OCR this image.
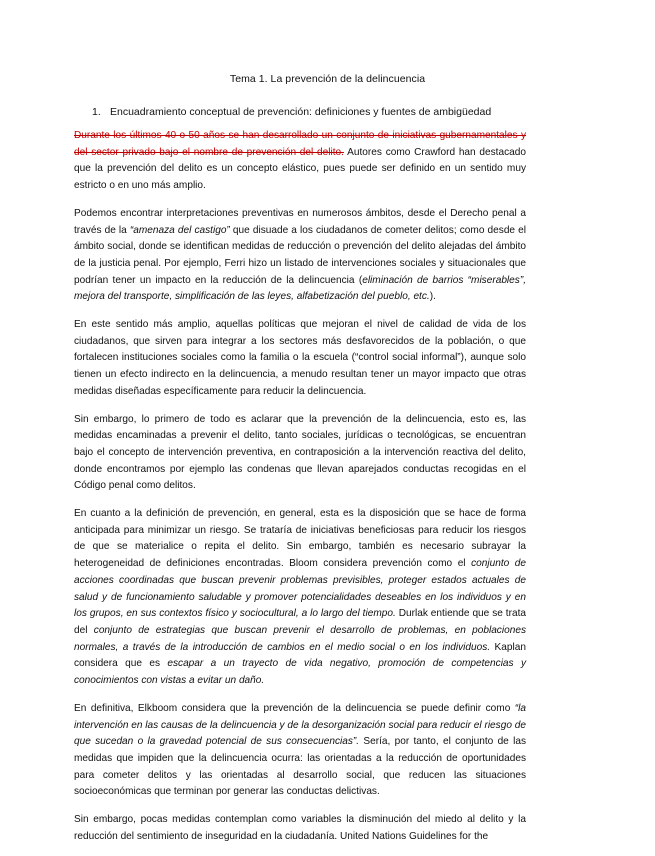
Tema 1. La prevención de la delincuencia
1. Encuadramiento conceptual de prevención: definiciones y fuentes de ambigüedad

Durante los últimos 40 o 50 años se han desarrollado un conjunto de iniciativas gubernamentales y del sector privado bajo el nombre de prevención del delito. Autores como Crawford han destacado que la prevención del delito es un concepto elástico, pues puede ser definido en un sentido muy estricto o en uno más amplio.

Podemos encontrar interpretaciones preventivas en numerosos ámbitos, desde el Derecho penal a través de la “amenaza del castigo” que disuade a los ciudadanos de cometer delitos; como desde el ámbito social, donde se identifican medidas de reducción o prevención del delito alejadas del ámbito de la justicia penal. Por ejemplo, Ferri hizo un listado de intervenciones sociales y situacionales que podrían tener un impacto en la reducción de la delincuencia (eliminación de barrios “miserables”, mejora del transporte, simplificación de las leyes, alfabetización del pueblo, etc.).

En este sentido más amplio, aquellas políticas que mejoran el nivel de calidad de vida de los ciudadanos, que sirven para integrar a los sectores más desfavorecidos de la población, o que fortalecen instituciones sociales como la familia o la escuela (“control social informal”), aunque solo tienen un efecto indirecto en la delincuencia, a menudo resultan tener un mayor impacto que otras medidas diseñadas específicamente para reducir la delincuencia.

Sin embargo, lo primero de todo es aclarar que la prevención de la delincuencia, esto es, las medidas encaminadas a prevenir el delito, tanto sociales, jurídicas o tecnológicas, se encuentran bajo el concepto de intervención preventiva, en contraposición a la intervención reactiva del delito, donde encontramos por ejemplo las condenas que llevan aparejados conductas recogidas en el Código penal como delitos.

En cuanto a la definición de prevención, en general, esta es la disposición que se hace de forma anticipada para minimizar un riesgo. Se trataría de iniciativas beneficiosas para reducir los riesgos de que se materialice o repita el delito. Sin embargo, también es necesario subrayar la heterogeneidad de definiciones encontradas. Bloom considera prevención como el conjunto de acciones coordinadas que buscan prevenir problemas previsibles, proteger estados actuales de salud y de funcionamiento saludable y promover potencialidades deseables en los individuos y en los grupos, en sus contextos físico y sociocultural, a lo largo del tiempo. Durlak entiende que se trata del conjunto de estrategias que buscan prevenir el desarrollo de problemas, en poblaciones normales, a través de la introducción de cambios en el medio social o en los individuos. Kaplan considera que es escapar a un trayecto de vida negativo, promoción de competencias y conocimientos con vistas a evitar un daño.

En definitiva, Elkboom considera que la prevención de la delincuencia se puede definir como “la intervención en las causas de la delincuencia y de la desorganización social para reducir el riesgo de que sucedan o la gravedad potencial de sus consecuencias”. Sería, por tanto, el conjunto de las medidas que impiden que la delincuencia ocurra: las orientadas a la reducción de oportunidades para cometer delitos y las orientadas al desarrollo social, que reducen las situaciones socioeconómicas que terminan por generar las conductas delictivas.

Sin embargo, pocas medidas contemplan como variables la disminución del miedo al delito y la reducción del sentimiento de inseguridad en la ciudadanía. United Nations Guidelines for the
